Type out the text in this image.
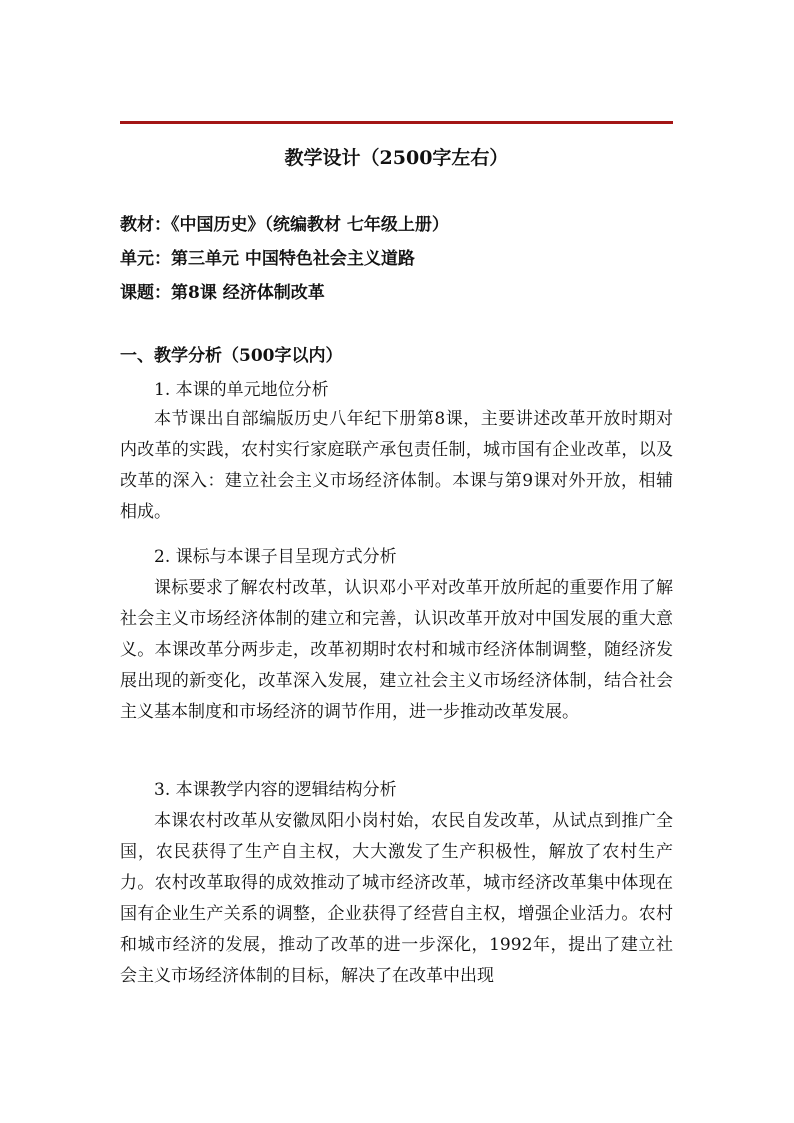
教学设计（2500字左右）
教材：《中国历史》（统编教材 七年级上册）
单元：第三单元 中国特色社会主义道路
课题：第8课 经济体制改革
一、教学分析（500字以内）
1. 本课的单元地位分析

本节课出自部编版历史八年纪下册第8课，主要讲述改革开放时期对内改革的实践，农村实行家庭联产承包责任制，城市国有企业改革，以及改革的深入：建立社会主义市场经济体制。本课与第9课对外开放，相辅相成。

2. 课标与本课子目呈现方式分析

课标要求了解农村改革，认识邓小平对改革开放所起的重要作用了解社会主义市场经济体制的建立和完善，认识改革开放对中国发展的重大意义。本课改革分两步走，改革初期时农村和城市经济体制调整，随经济发展出现的新变化，改革深入发展，建立社会主义市场经济体制，结合社会主义基本制度和市场经济的调节作用，进一步推动改革发展。

3. 本课教学内容的逻辑结构分析

本课农村改革从安徽凤阳小岗村始，农民自发改革，从试点到推广全国，农民获得了生产自主权，大大激发了生产积极性，解放了农村生产力。农村改革取得的成效推动了城市经济改革，城市经济改革集中体现在国有企业生产关系的调整，企业获得了经营自主权，增强企业活力。农村和城市经济的发展，推动了改革的进一步深化，1992年，提出了建立社会主义市场经济体制的目标，解决了在改革中出现
